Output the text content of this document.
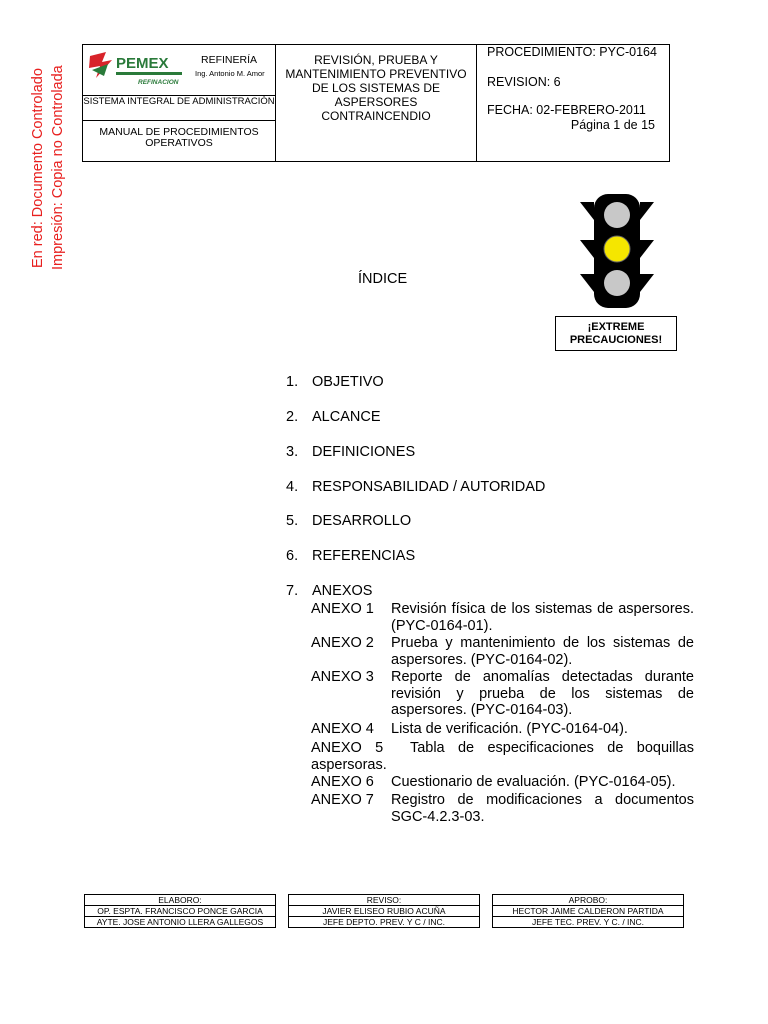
En red: Documento Controlado Impresión: Copia no Controlada
PEMEX
REFINACION
REFINERÍA
Ing. Antonio M. Amor

REVISIÓN, PRUEBA Y
MANTENIMIENTO PREVENTIVO
DE LOS SISTEMAS DE
ASPERSORES
CONTRAINCENDIO

PROCEDIMIENTO: PYC-0164
REVISION: 6
FECHA: 02-FEBRERO-2011
Página 1 de 15

SISTEMA INTEGRAL DE ADMINISTRACIÓN
MANUAL DE PROCEDIMIENTOS OPERATIVOS
¡EXTREME
PRECAUCIONES!
ÍNDICE
1. OBJETIVO
2. ALCANCE
3. DEFINICIONES
4. RESPONSABILIDAD / AUTORIDAD
5. DESARROLLO
6. REFERENCIAS
7. ANEXOS
ANEXO 1 Revisión física de los sistemas de aspersores. (PYC-0164-01).
ANEXO 2 Prueba y mantenimiento de los sistemas de aspersores. (PYC-0164-02).
ANEXO 3 Reporte de anomalías detectadas durante revisión y prueba de los sistemas de aspersores. (PYC-0164-03).
ANEXO 4 Lista de verificación. (PYC-0164-04).
ANEXO 5 Tabla de especificaciones de boquillas aspersoras.
ANEXO 6 Cuestionario de evaluación. (PYC-0164-05).
ANEXO 7 Registro de modificaciones a documentos SGC-4.2.3-03.
ELABORO:
OP. ESPTA. FRANCISCO PONCE GARCIA
AYTE. JOSE ANTONIO LLERA GALLEGOS
REVISO:
JAVIER ELISEO RUBIO ACUÑA
JEFE DEPTO. PREV. Y C / INC.
APROBO:
HECTOR JAIME CALDERON PARTIDA
JEFE TEC. PREV. Y C. / INC.
